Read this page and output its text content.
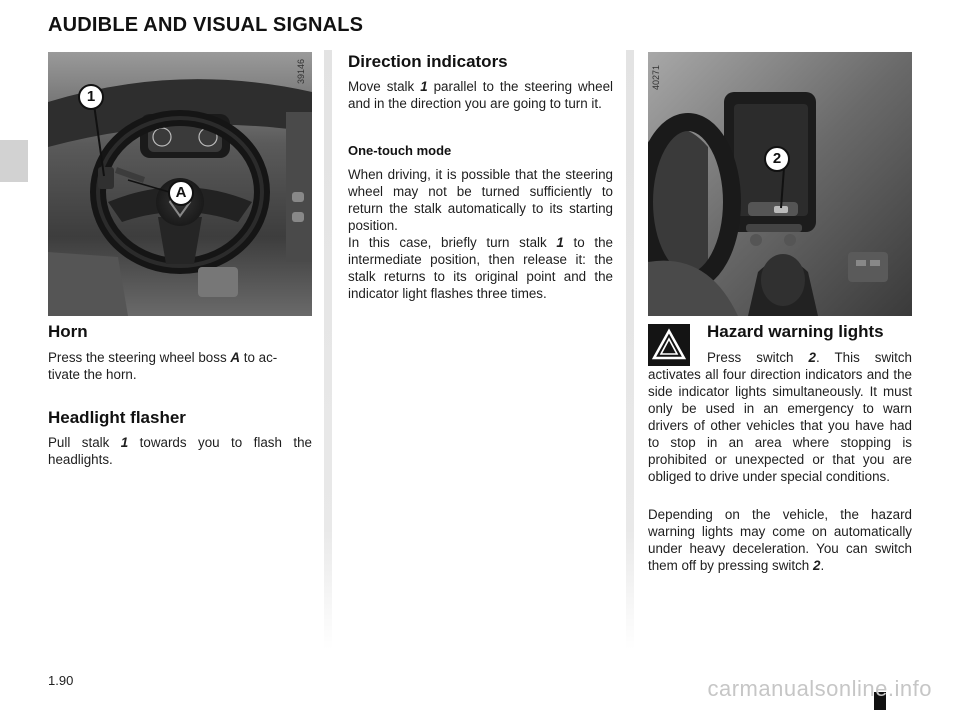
AUDIBLE AND VISUAL SIGNALS
1
A
39146
Horn

Press the steering wheel boss A to ac-
tivate the horn.

Headlight flasher

Pull stalk 1 towards you to flash the headlights.

Direction indicators

Move stalk 1 parallel to the steering wheel and in the direction you are going to turn it.

One-touch mode

When driving, it is possible that the steering wheel may not be turned sufficiently to return the stalk automatically to its starting position.

In this case, briefly turn stalk 1 to the intermediate position, then release it: the stalk returns to its original point and the indicator light flashes three times.

2
40271
Hazard warning lights

Press switch 2. This switch activates all four direction indicators and the side indicator lights simultaneously. It must only be used in an emergency to warn drivers of other vehicles that you have had to stop in an area where stopping is prohibited or unexpected or that you are obliged to drive under special conditions.

Depending on the vehicle, the hazard warning lights may come on automatically under heavy deceleration. You can switch them off by pressing switch 2.

1.90	carmanualsonline.info
